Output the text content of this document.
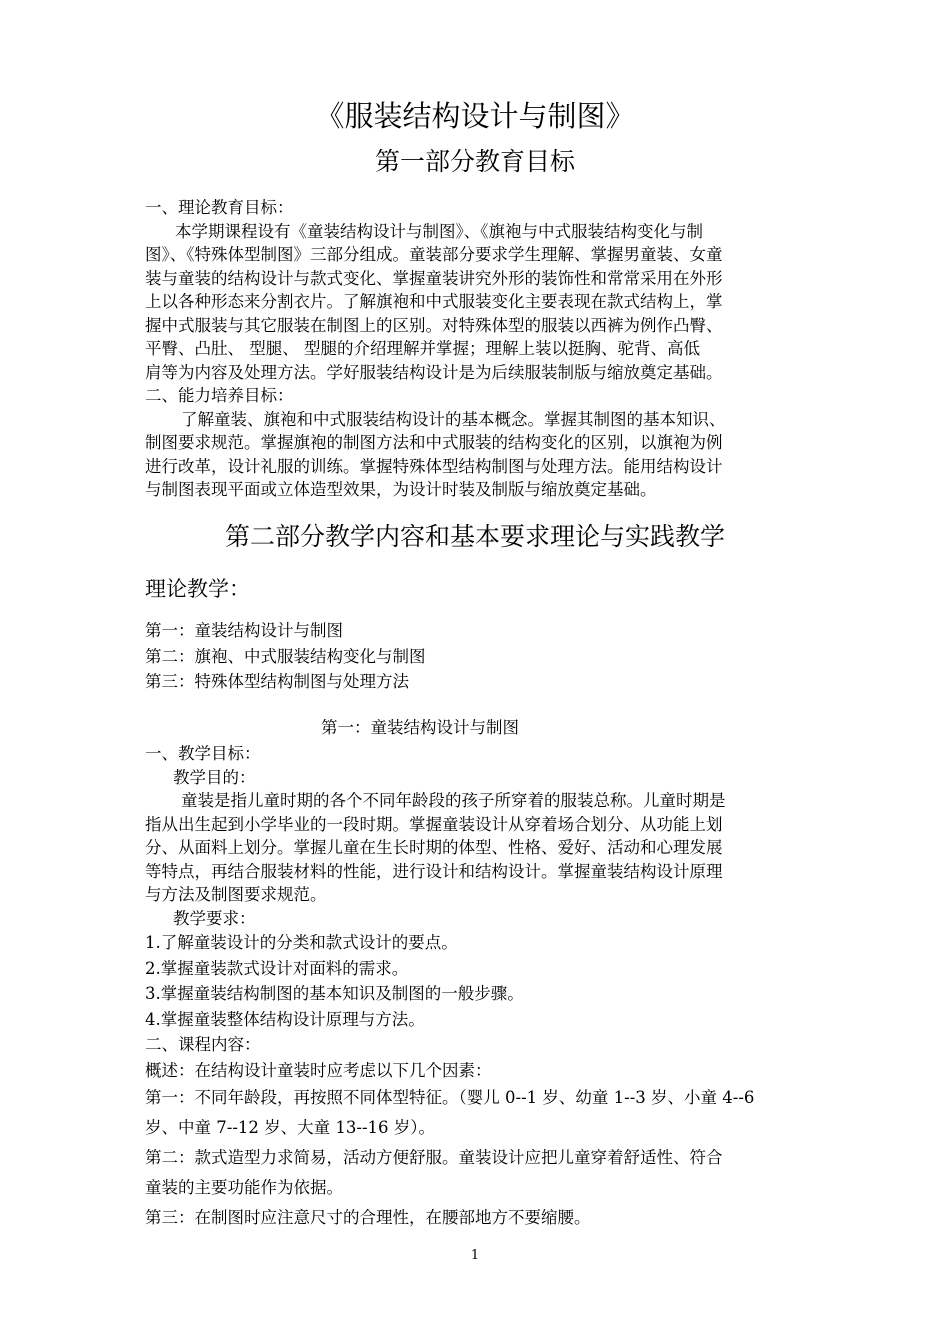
《服装结构设计与制图》
第一部分教育目标
一、理论教育目标：
本学期课程设有《童装结构设计与制图》、《旗袍与中式服装结构变化与制
图》、《特殊体型制图》三部分组成。童装部分要求学生理解、掌握男童装、女童
装与童装的结构设计与款式变化、掌握童装讲究外形的装饰性和常常采用在外形
上以各种形态来分割衣片。了解旗袍和中式服装变化主要表现在款式结构上，掌
握中式服装与其它服装在制图上的区别。对特殊体型的服装以西裤为例作凸臀、
平臀、凸肚、 型腿、 型腿的介绍理解并掌握；理解上装以挺胸、驼背、高低
肩等为内容及处理方法。学好服装结构设计是为后续服装制版与缩放奠定基础。
二、能力培养目标：
了解童装、旗袍和中式服装结构设计的基本概念。掌握其制图的基本知识、
制图要求规范。掌握旗袍的制图方法和中式服装的结构变化的区别，以旗袍为例
进行改革，设计礼服的训练。掌握特殊体型结构制图与处理方法。能用结构设计
与制图表现平面或立体造型效果，为设计时装及制版与缩放奠定基础。
第二部分教学内容和基本要求理论与实践教学
理论教学：
第一：童装结构设计与制图
第二：旗袍、中式服装结构变化与制图
第三：特殊体型结构制图与处理方法
第一：童装结构设计与制图
一、教学目标：
教学目的：
童装是指儿童时期的各个不同年龄段的孩子所穿着的服装总称。儿童时期是
指从出生起到小学毕业的一段时期。掌握童装设计从穿着场合划分、从功能上划
分、从面料上划分。掌握儿童在生长时期的体型、性格、爱好、活动和心理发展
等特点，再结合服装材料的性能，进行设计和结构设计。掌握童装结构设计原理
与方法及制图要求规范。
教学要求：
1.了解童装设计的分类和款式设计的要点。
2.掌握童装款式设计对面料的需求。
3.掌握童装结构制图的基本知识及制图的一般步骤。
4.掌握童装整体结构设计原理与方法。
二、课程内容：
概述：在结构设计童装时应考虑以下几个因素：
第一：不同年龄段，再按照不同体型特征。（婴儿 0--1 岁、幼童 1--3 岁、小童 4--6
岁、中童 7--12 岁、大童 13--16 岁）。
第二：款式造型力求简易，活动方便舒服。童装设计应把儿童穿着舒适性、符合
童装的主要功能作为依据。
第三：在制图时应注意尺寸的合理性，在腰部地方不要缩腰。
1
